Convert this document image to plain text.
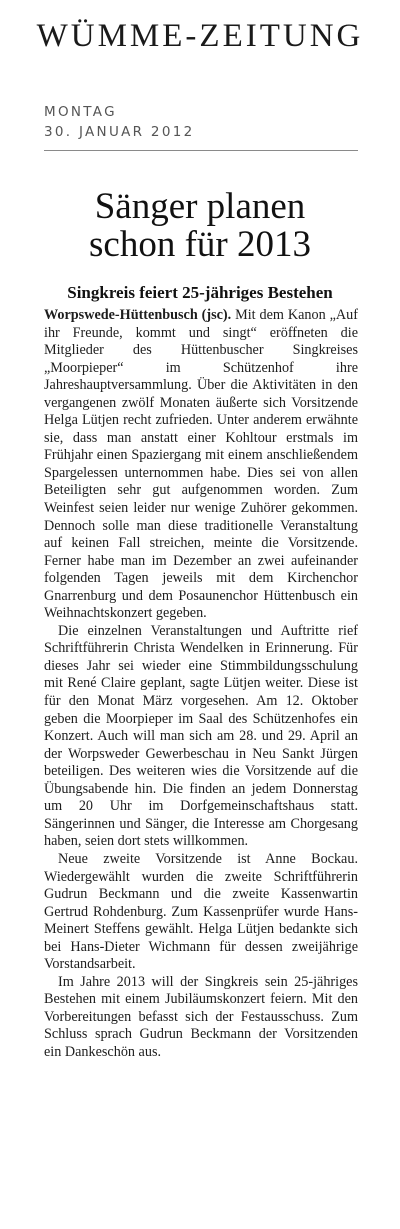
WÜMME-ZEITUNG
MONTAG
30. JANUAR 2012
Sänger planen
schon für 2013
Singkreis feiert 25-jähriges Bestehen

Worpswede-Hüttenbusch (jsc). Mit dem Kanon „Auf ihr Freunde, kommt und singt“ eröffneten die Mitglieder des Hüttenbuscher Singkreises „Moorpieper“ im Schützenhof ihre Jahreshauptversammlung. Über die Aktivitäten in den vergangenen zwölf Monaten äußerte sich Vorsitzende Helga Lütjen recht zufrieden. Unter anderem erwähnte sie, dass man anstatt einer Kohltour erstmals im Frühjahr einen Spaziergang mit einem anschließendem Spargelessen unternommen habe. Dies sei von allen Beteiligten sehr gut aufgenommen worden. Zum Weinfest seien leider nur wenige Zuhörer gekommen. Dennoch solle man diese traditionelle Veranstaltung auf keinen Fall streichen, meinte die Vorsitzende. Ferner habe man im Dezember an zwei aufeinander folgenden Tagen jeweils mit dem Kirchenchor Gnarrenburg und dem Posaunenchor Hüttenbusch ein Weihnachtskonzert gegeben.

Die einzelnen Veranstaltungen und Auftritte rief Schriftführerin Christa Wendelken in Erinnerung. Für dieses Jahr sei wieder eine Stimmbildungsschulung mit René Claire geplant, sagte Lütjen weiter. Diese ist für den Monat März vorgesehen. Am 12. Oktober geben die Moorpieper im Saal des Schützenhofes ein Konzert. Auch will man sich am 28. und 29. April an der Worpsweder Gewerbeschau in Neu Sankt Jürgen beteiligen. Des weiteren wies die Vorsitzende auf die Übungsabende hin. Die finden an jedem Donnerstag um 20 Uhr im Dorfgemeinschaftshaus statt. Sängerinnen und Sänger, die Interesse am Chorgesang haben, seien dort stets willkommen.

Neue zweite Vorsitzende ist Anne Bockau. Wiedergewählt wurden die zweite Schriftführerin Gudrun Beckmann und die zweite Kassenwartin Gertrud Rohdenburg. Zum Kassenprüfer wurde Hans-Meinert Steffens gewählt. Helga Lütjen bedankte sich bei Hans-Dieter Wichmann für dessen zweijährige Vorstandsarbeit.

Im Jahre 2013 will der Singkreis sein 25-jähriges Bestehen mit einem Jubiläumskonzert feiern. Mit den Vorbereitungen befasst sich der Festausschuss. Zum Schluss sprach Gudrun Beckmann der Vorsitzenden ein Dankeschön aus.
